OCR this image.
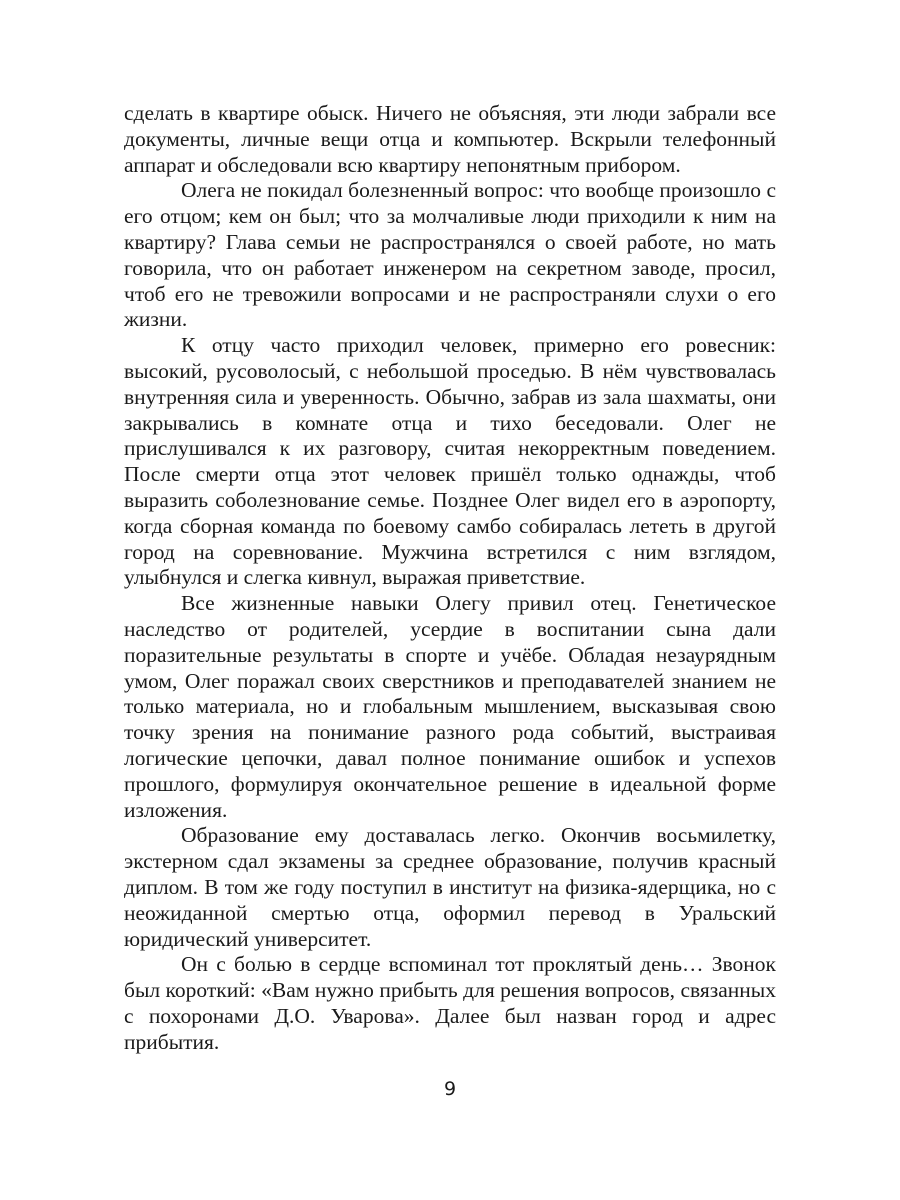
сделать в квартире обыск. Ничего не объясняя, эти люди забрали все документы, личные вещи отца и компьютер. Вскрыли телефонный аппарат и обследовали всю квартиру непонятным прибором.

Олега не покидал болезненный вопрос: что вообще произошло с его отцом; кем он был; что за молчаливые люди приходили к ним на квартиру? Глава семьи не распространялся о своей работе, но мать говорила, что он работает инженером на секретном заводе, просил, чтоб его не тревожили вопросами и не распространяли слухи о его жизни.

К отцу часто приходил человек, примерно его ровесник: высокий, русоволосый, с небольшой проседью. В нём чувствовалась внутренняя сила и уверенность. Обычно, забрав из зала шахматы, они закрывались в комнате отца и тихо беседовали. Олег не прислушивался к их разговору, считая некорректным поведением. После смерти отца этот человек пришёл только однажды, чтоб выразить соболезнование семье. Позднее Олег видел его в аэропорту, когда сборная команда по боевому самбо собиралась лететь в другой город на соревнование. Мужчина встретился с ним взглядом, улыбнулся и слегка кивнул, выражая приветствие.

Все жизненные навыки Олегу привил отец. Генетическое наследство от родителей, усердие в воспитании сына дали поразительные результаты в спорте и учёбе. Обладая незаурядным умом, Олег поражал своих сверстников и преподавателей знанием не только материала, но и глобальным мышлением, высказывая свою точку зрения на понимание разного рода событий, выстраивая логические цепочки, давал полное понимание ошибок и успехов прошлого, формулируя окончательное решение в идеальной форме изложения.

Образование ему доставалась легко. Окончив восьмилетку, экстерном сдал экзамены за среднее образование, получив красный диплом. В том же году поступил в институт на физика-ядерщика, но с неожиданной смертью отца, оформил перевод в Уральский юридический университет.

Он с болью в сердце вспоминал тот проклятый день… Звонок был короткий: «Вам нужно прибыть для решения вопросов, связанных с похоронами Д.О. Уварова». Далее был назван город и адрес прибытия.

9
